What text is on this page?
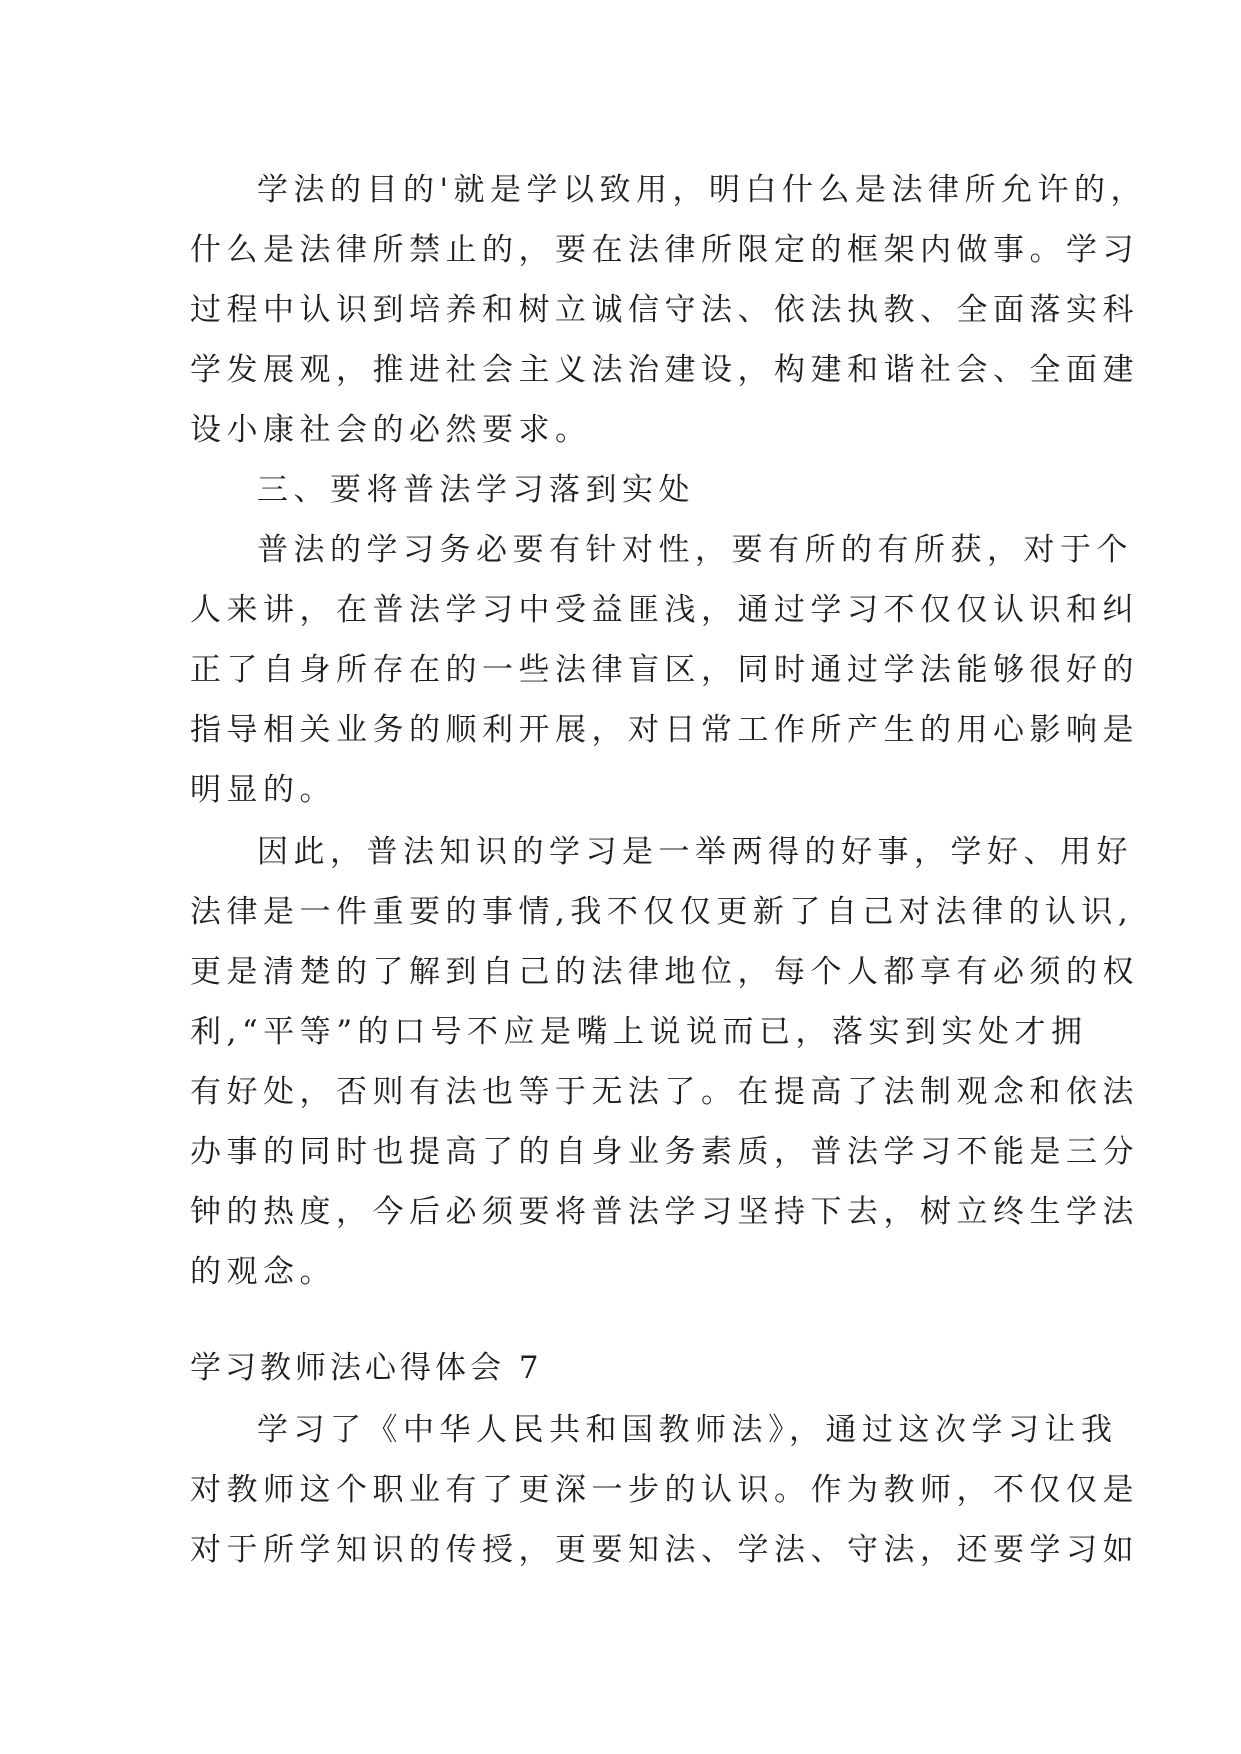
学法的目的'就是学以致用，明白什么是法律所允许的，
什么是法律所禁止的，要在法律所限定的框架内做事。学习
过程中认识到培养和树立诚信守法、依法执教、全面落实科
学发展观，推进社会主义法治建设，构建和谐社会、全面建
设小康社会的必然要求。
三、要将普法学习落到实处
普法的学习务必要有针对性，要有所的有所获，对于个
人来讲，在普法学习中受益匪浅，通过学习不仅仅认识和纠
正了自身所存在的一些法律盲区，同时通过学法能够很好的
指导相关业务的顺利开展，对日常工作所产生的用心影响是
明显的。
因此，普法知识的学习是一举两得的好事，学好、用好
法律是一件重要的事情,我不仅仅更新了自己对法律的认识,
更是清楚的了解到自己的法律地位，每个人都享有必须的权
利,“平等”的口号不应是嘴上说说而已，落实到实处才拥
有好处，否则有法也等于无法了。在提高了法制观念和依法
办事的同时也提高了的自身业务素质，普法学习不能是三分
钟的热度，今后必须要将普法学习坚持下去，树立终生学法
的观念。
学习教师法心得体会 7
学习了《中华人民共和国教师法》，通过这次学习让我
对教师这个职业有了更深一步的认识。作为教师，不仅仅是
对于所学知识的传授，更要知法、学法、守法，还要学习如
